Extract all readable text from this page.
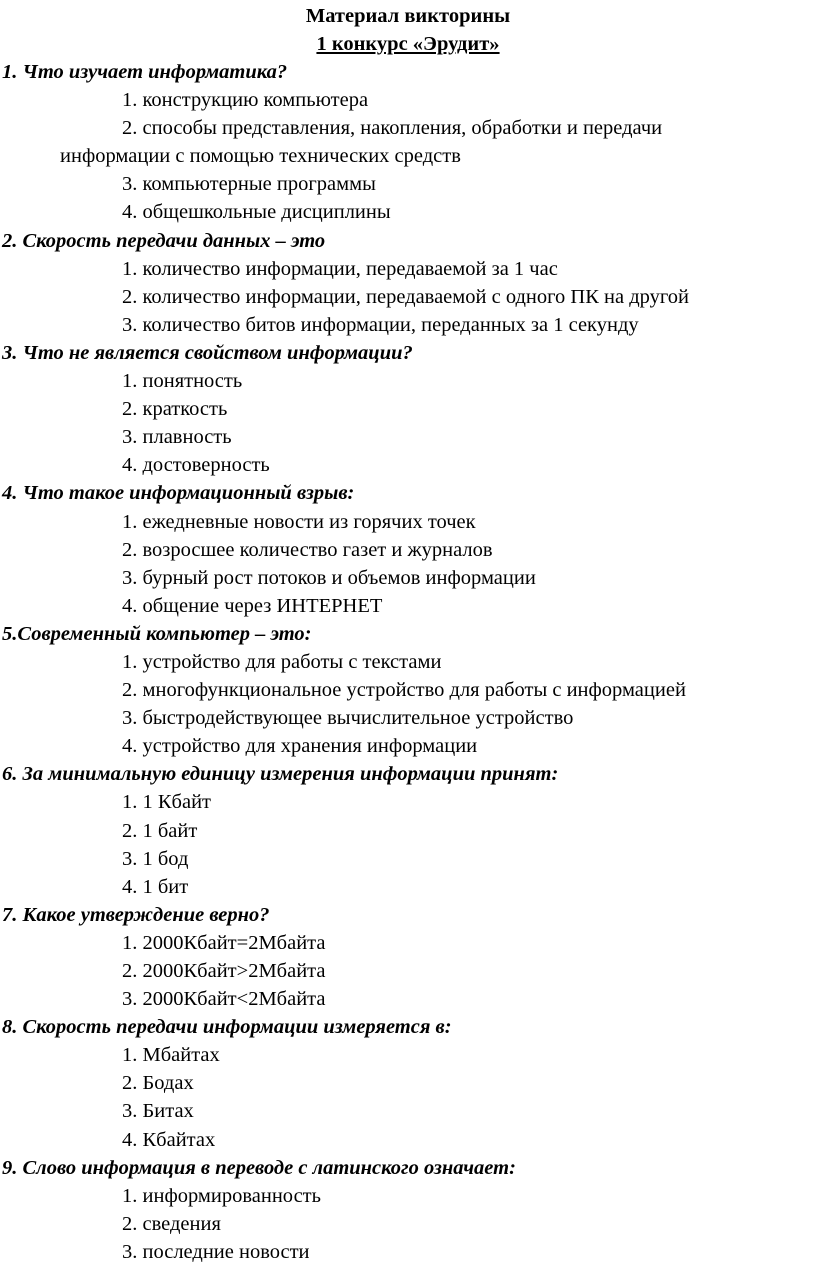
Материал викторины
1 конкурс «Эрудит»
1. Что изучает информатика?
1. конструкцию компьютера
2. способы представления, накопления, обработки и передачи
информации с помощью технических средств
3. компьютерные программы
4. общешкольные дисциплины
2. Скорость передачи данных – это
1. количество информации, передаваемой за 1 час
2. количество информации, передаваемой с одного ПК на другой
3. количество битов информации, переданных за 1 секунду
3. Что не является свойством информации?
1. понятность
2. краткость
3. плавность
4. достоверность
4. Что такое информационный взрыв:
1. ежедневные новости из горячих точек
2. возросшее количество газет и журналов
3. бурный рост потоков и объемов информации
4. общение через ИНТЕРНЕТ
5.Современный компьютер – это:
1. устройство для работы с текстами
2. многофункциональное устройство для работы с информацией
3. быстродействующее вычислительное устройство
4. устройство для хранения информации
6. За минимальную единицу измерения информации принят:
1. 1 Кбайт
2. 1 байт
3. 1 бод
4. 1 бит
7. Какое утверждение верно?
1. 2000Кбайт=2Мбайта
2. 2000Кбайт>2Мбайта
3. 2000Кбайт<2Мбайта
8. Скорость передачи информации измеряется в:
1. Мбайтах
2. Бодах
3. Битах
4. Кбайтах
9. Слово информация в переводе с латинского означает:
1. информированность
2. сведения
3. последние новости
